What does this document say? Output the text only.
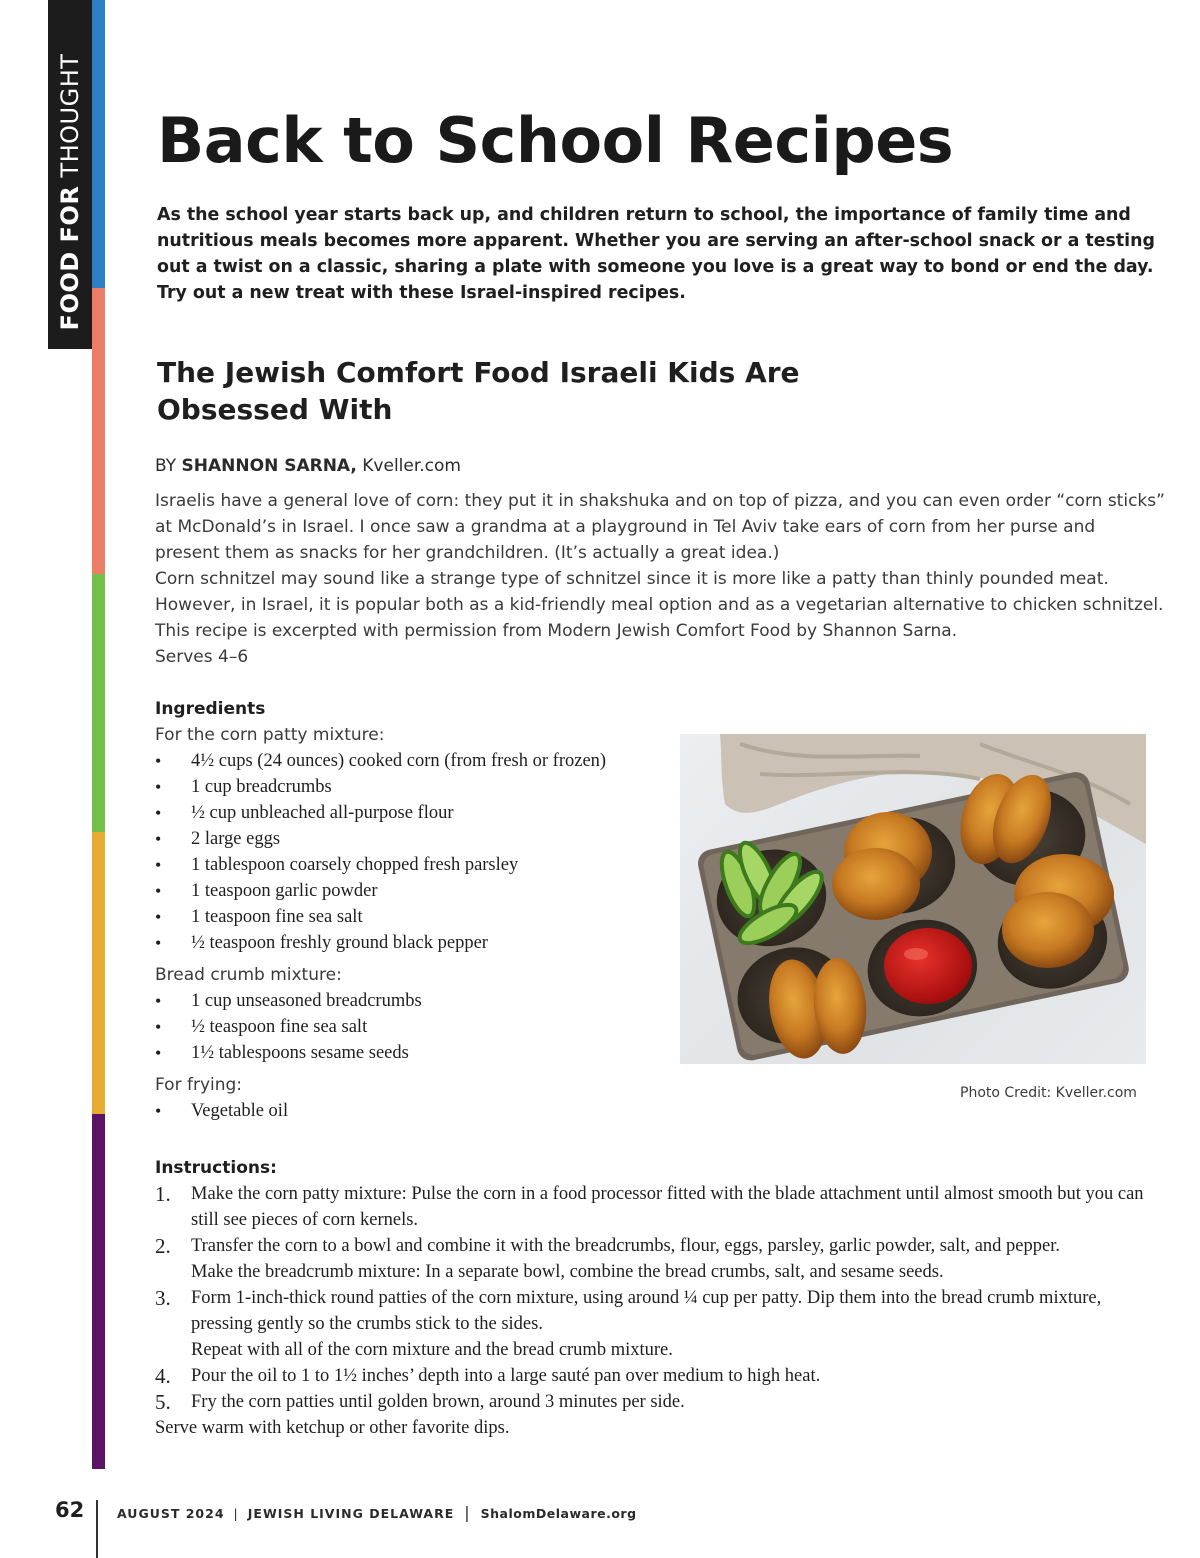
FOOD FOR THOUGHT Back to School Recipes

As the school year starts back up, and children return to school, the importance of family time and nutritious meals becomes more apparent. Whether you are serving an after-school snack or a testing out a twist on a classic, sharing a plate with someone you love is a great way to bond or end the day. Try out a new treat with these Israel-inspired recipes.

The Jewish Comfort Food Israeli Kids Are Obsessed With

BY SHANNON SARNA, Kveller.com

Israelis have a general love of corn: they put it in shakshuka and on top of pizza, and you can even order “corn sticks” at McDonald’s in Israel. I once saw a grandma at a playground in Tel Aviv take ears of corn from her purse and present them as snacks for her grandchildren. (It’s actually a great idea.)

Corn schnitzel may sound like a strange type of schnitzel since it is more like a patty than thinly pounded meat. However, in Israel, it is popular both as a kid-friendly meal option and as a vegetarian alternative to chicken schnitzel. This recipe is excerpted with permission from Modern Jewish Comfort Food by Shannon Sarna.

Serves 4–6

Ingredients

For the corn patty mixture:

• 4½ cups (24 ounces) cooked corn (from fresh or frozen)
• 1 cup breadcrumbs
• ½ cup unbleached all-purpose flour
• 2 large eggs
• 1 tablespoon coarsely chopped fresh parsley
• 1 teaspoon garlic powder
• 1 teaspoon fine sea salt
• ½ teaspoon freshly ground black pepper

Bread crumb mixture:

• 1 cup unseasoned breadcrumbs
• ½ teaspoon fine sea salt
• 1½ tablespoons sesame seeds

For frying:

• Vegetable oil

Photo Credit: Kveller.com

Instructions:

1. Make the corn patty mixture: Pulse the corn in a food processor fitted with the blade attachment until almost smooth but you can still see pieces of corn kernels.
2. Transfer the corn to a bowl and combine it with the breadcrumbs, flour, eggs, parsley, garlic powder, salt, and pepper.
Make the breadcrumb mixture: In a separate bowl, combine the bread crumbs, salt, and sesame seeds.
3. Form 1-inch-thick round patties of the corn mixture, using around ¼ cup per patty. Dip them into the bread crumb mixture, pressing gently so the crumbs stick to the sides.
Repeat with all of the corn mixture and the bread crumb mixture.
4. Pour the oil to 1 to 1½ inches’ depth into a large sauté pan over medium to high heat.
5. Fry the corn patties until golden brown, around 3 minutes per side.

Serve warm with ketchup or other favorite dips.

62	AUGUST 2024 | JEWISH LIVING DELAWARE | ShalomDelaware.org
